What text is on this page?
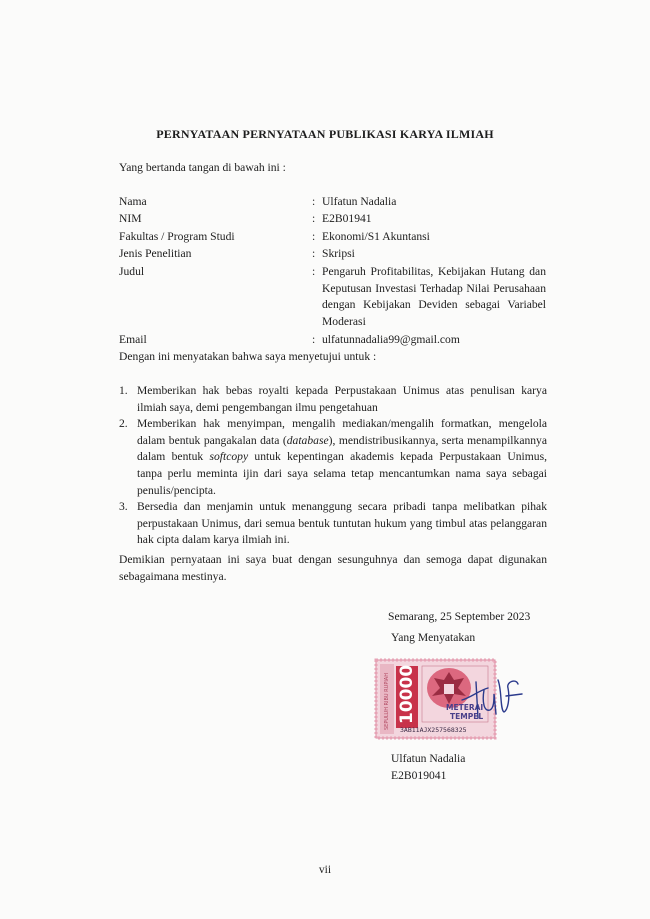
PERNYATAAN PERNYATAAN PUBLIKASI KARYA ILMIAH
Yang bertanda tangan di bawah ini :
Nama	: Ulfatun Nadalia
NIM	: E2B01941
Fakultas / Program Studi	: Ekonomi/S1 Akuntansi
Jenis Penelitian	: Skripsi
Judul	: Pengaruh Profitabilitas, Kebijakan Hutang dan Keputusan Investasi Terhadap Nilai Perusahaan dengan Kebijakan Deviden sebagai Variabel Moderasi
Email	: ulfatunnadalia99@gmail.com
Dengan ini menyatakan bahwa saya menyetujui untuk :
1. Memberikan hak bebas royalti kepada Perpustakaan Unimus atas penulisan karya ilmiah saya, demi pengembangan ilmu pengetahuan
2. Memberikan hak menyimpan, mengalih mediakan/mengalih formatkan, mengelola dalam bentuk pangakalan data (database), mendistribusikannya, serta menampilkannya dalam bentuk softcopy untuk kepentingan akademis kepada Perpustakaan Unimus, tanpa perlu meminta ijin dari saya selama tetap mencantumkan nama saya sebagai penulis/pencipta.
3. Bersedia dan menjamin untuk menanggung secara pribadi tanpa melibatkan pihak perpustakaan Unimus, dari semua bentuk tuntutan hukum yang timbul atas pelanggaran hak cipta dalam karya ilmiah ini.
Demikian pernyataan ini saya buat dengan sesunguhnya dan semoga dapat digunakan sebagaimana mestinya.
Semarang, 25 September 2023
Yang Menyatakan
SEPULUH RIBU RUPIAH 10000	METERAI
TEMPEL
3AB11AJX257568325
Ulfatun Nadalia
E2B019041
vii
